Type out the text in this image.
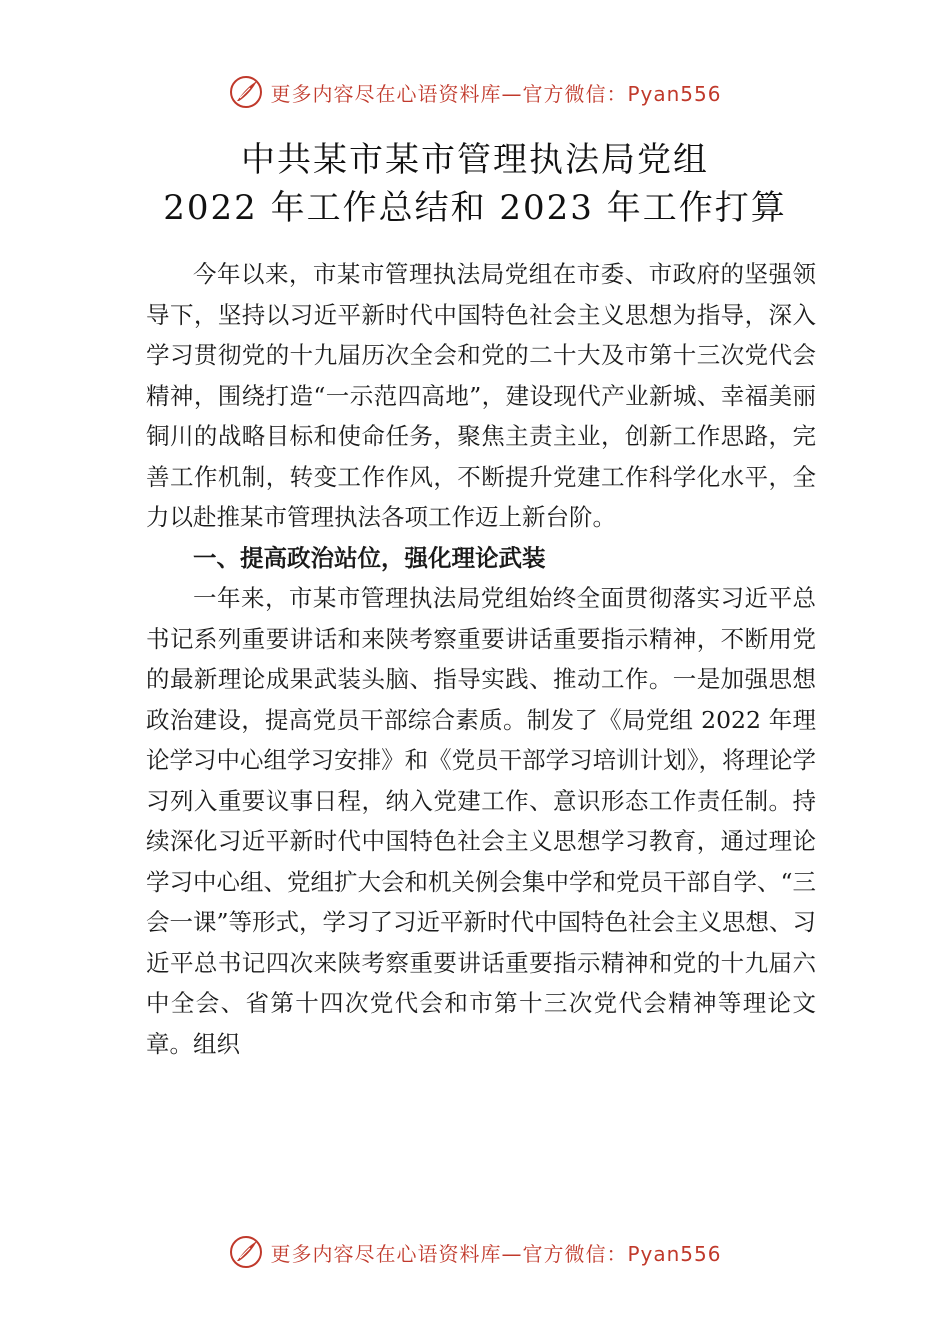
更多内容尽在心语资料库—官方微信：Pyan556
中共某市某市管理执法局党组
2022 年工作总结和 2023 年工作打算

今年以来，市某市管理执法局党组在市委、市政府的坚强领导下，坚持以习近平新时代中国特色社会主义思想为指导，深入学习贯彻党的十九届历次全会和党的二十大及市第十三次党代会精神，围绕打造“一示范四高地”，建设现代产业新城、幸福美丽铜川的战略目标和使命任务，聚焦主责主业，创新工作思路，完善工作机制，转变工作作风，不断提升党建工作科学化水平，全力以赴推某市管理执法各项工作迈上新台阶。

一、提高政治站位，强化理论武装

一年来，市某市管理执法局党组始终全面贯彻落实习近平总书记系列重要讲话和来陕考察重要讲话重要指示精神，不断用党的最新理论成果武装头脑、指导实践、推动工作。一是加强思想政治建设，提高党员干部综合素质。制发了《局党组 2022 年理论学习中心组学习安排》和《党员干部学习培训计划》，将理论学习列入重要议事日程，纳入党建工作、意识形态工作责任制。持续深化习近平新时代中国特色社会主义思想学习教育，通过理论学习中心组、党组扩大会和机关例会集中学和党员干部自学、“三会一课”等形式，学习了习近平新时代中国特色社会主义思想、习近平总书记四次来陕考察重要讲话重要指示精神和党的十九届六中全会、省第十四次党代会和市第十三次党代会精神等理论文章。组织

更多内容尽在心语资料库—官方微信：Pyan556
